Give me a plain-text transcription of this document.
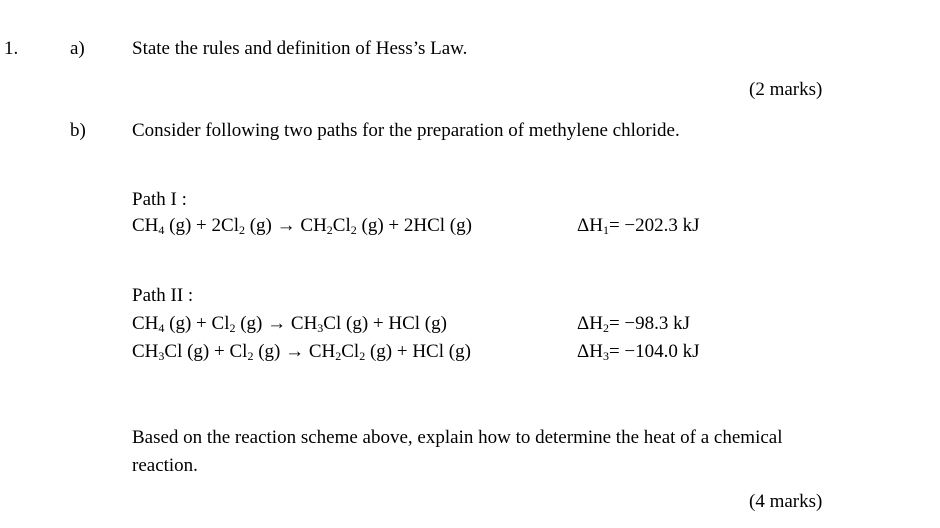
1.	a) State the rules and definition of Hess’s Law.
(2 marks)
b) Consider following two paths for the preparation of methylene chloride.
Path I :
$CH_4$ $(g) + 2Cl_2$ $(g) \to CH_2Cl_2$ (g) + 2HCl (g)	$\Delta H_1= -202.3$ kJ
Path II :
$CH_4$ $(g) + Cl_2$ $(g) \to CH_3Cl$ (g) + HCl (g)	$\Delta H_2= -98.3$ kJ
$CH_3Cl$ $(g) + Cl_2$ $(g) \to CH_2Cl_2$ (g) + HCl (g)	$\Delta H_3= -104.0$ kJ
Based on the reaction scheme above, explain how to determine the heat of a chemical reaction.
(4 marks)
